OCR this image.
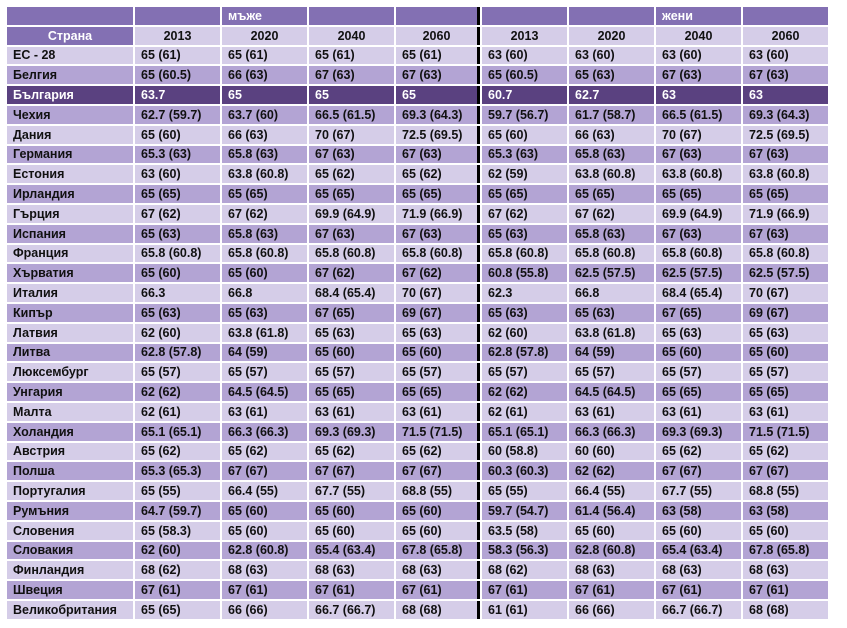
		мъже					жени	
Страна	2013	2020	2040	2060	2013	2020	2040	2060
ЕС - 28	65 (61)	65 (61)	65 (61)	65 (61)	63 (60)	63 (60)	63 (60)	63 (60)
Белгия	65 (60.5)	66 (63)	67 (63)	67 (63)	65 (60.5)	65 (63)	67 (63)	67 (63)
България	63.7	65	65	65	60.7	62.7	63	63
Чехия	62.7 (59.7)	63.7 (60)	66.5 (61.5)	69.3 (64.3)	59.7 (56.7)	61.7 (58.7)	66.5 (61.5)	69.3 (64.3)
Дания	65 (60)	66 (63)	70 (67)	72.5 (69.5)	65 (60)	66 (63)	70 (67)	72.5 (69.5)
Германия	65.3 (63)	65.8 (63)	67 (63)	67 (63)	65.3 (63)	65.8 (63)	67 (63)	67 (63)
Естония	63 (60)	63.8 (60.8)	65 (62)	65 (62)	62 (59)	63.8 (60.8)	63.8 (60.8)	63.8 (60.8)
Ирландия	65 (65)	65 (65)	65 (65)	65 (65)	65 (65)	65 (65)	65 (65)	65 (65)
Гърция	67 (62)	67 (62)	69.9 (64.9)	71.9 (66.9)	67 (62)	67 (62)	69.9 (64.9)	71.9 (66.9)
Испания	65 (63)	65.8 (63)	67 (63)	67 (63)	65 (63)	65.8 (63)	67 (63)	67 (63)
Франция	65.8 (60.8)	65.8 (60.8)	65.8 (60.8)	65.8 (60.8)	65.8 (60.8)	65.8 (60.8)	65.8 (60.8)	65.8 (60.8)
Хърватия	65 (60)	65 (60)	67 (62)	67 (62)	60.8 (55.8)	62.5 (57.5)	62.5 (57.5)	62.5 (57.5)
Италия	66.3	66.8	68.4 (65.4)	70 (67)	62.3	66.8	68.4 (65.4)	70 (67)
Кипър	65 (63)	65 (63)	67 (65)	69 (67)	65 (63)	65 (63)	67 (65)	69 (67)
Латвия	62 (60)	63.8 (61.8)	65 (63)	65 (63)	62 (60)	63.8 (61.8)	65 (63)	65 (63)
Литва	62.8 (57.8)	64 (59)	65 (60)	65 (60)	62.8 (57.8)	64 (59)	65 (60)	65 (60)
Люксембург	65 (57)	65 (57)	65 (57)	65 (57)	65 (57)	65 (57)	65 (57)	65 (57)
Унгария	62 (62)	64.5 (64.5)	65 (65)	65 (65)	62 (62)	64.5 (64.5)	65 (65)	65 (65)
Малта	62 (61)	63 (61)	63 (61)	63 (61)	62 (61)	63 (61)	63 (61)	63 (61)
Холандия	65.1 (65.1)	66.3 (66.3)	69.3 (69.3)	71.5 (71.5)	65.1 (65.1)	66.3 (66.3)	69.3 (69.3)	71.5 (71.5)
Австрия	65 (62)	65 (62)	65 (62)	65 (62)	60 (58.8)	60 (60)	65 (62)	65 (62)
Полша	65.3 (65.3)	67 (67)	67 (67)	67 (67)	60.3 (60.3)	62 (62)	67 (67)	67 (67)
Португалия	65 (55)	66.4 (55)	67.7 (55)	68.8 (55)	65 (55)	66.4 (55)	67.7 (55)	68.8 (55)
Румъния	64.7 (59.7)	65 (60)	65 (60)	65 (60)	59.7 (54.7)	61.4 (56.4)	63 (58)	63 (58)
Словения	65 (58.3)	65 (60)	65 (60)	65 (60)	63.5 (58)	65 (60)	65 (60)	65 (60)
Словакия	62 (60)	62.8 (60.8)	65.4 (63.4)	67.8 (65.8)	58.3 (56.3)	62.8 (60.8)	65.4 (63.4)	67.8 (65.8)
Финландия	68 (62)	68 (63)	68 (63)	68 (63)	68 (62)	68 (63)	68 (63)	68 (63)
Швеция	67 (61)	67 (61)	67 (61)	67 (61)	67 (61)	67 (61)	67 (61)	67 (61)
Великобритания	65 (65)	66 (66)	66.7 (66.7)	68 (68)	61 (61)	66 (66)	66.7 (66.7)	68 (68)
